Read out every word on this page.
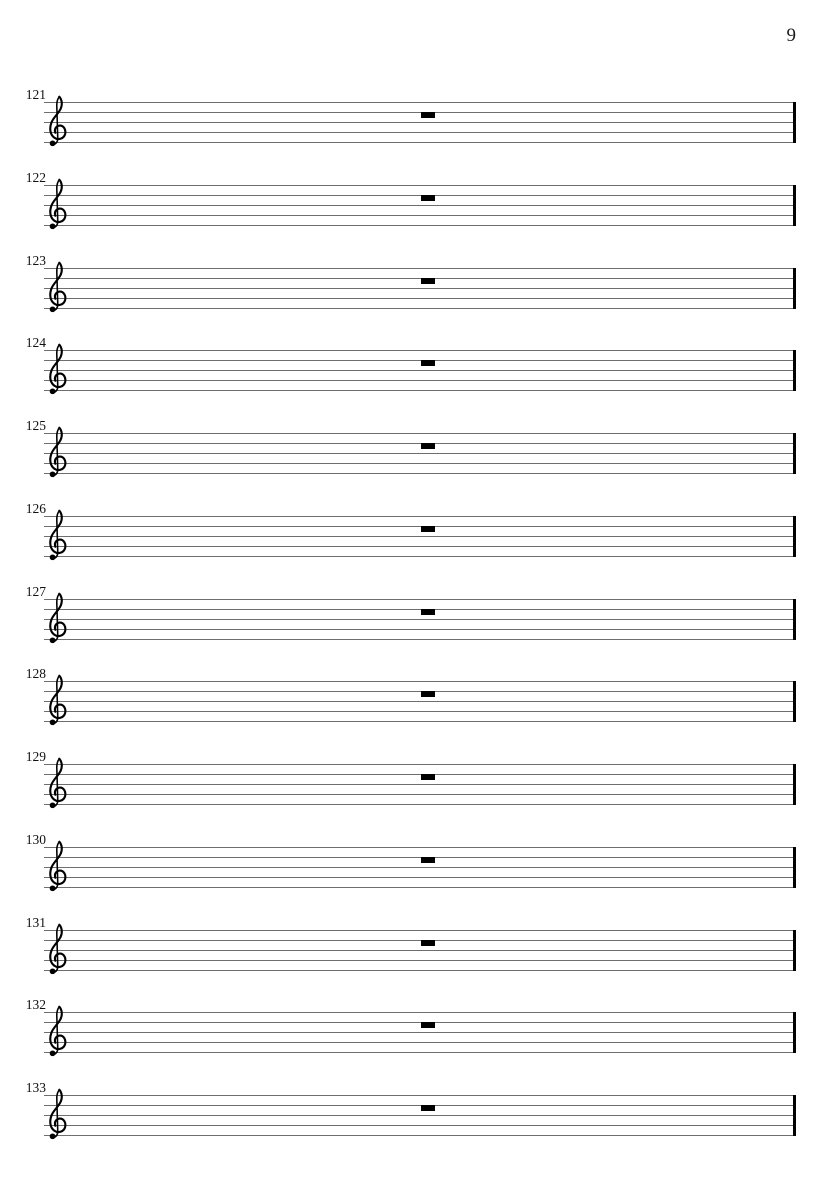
9
121
122
123
124
125
126
127
128
129
130
131
132
133
